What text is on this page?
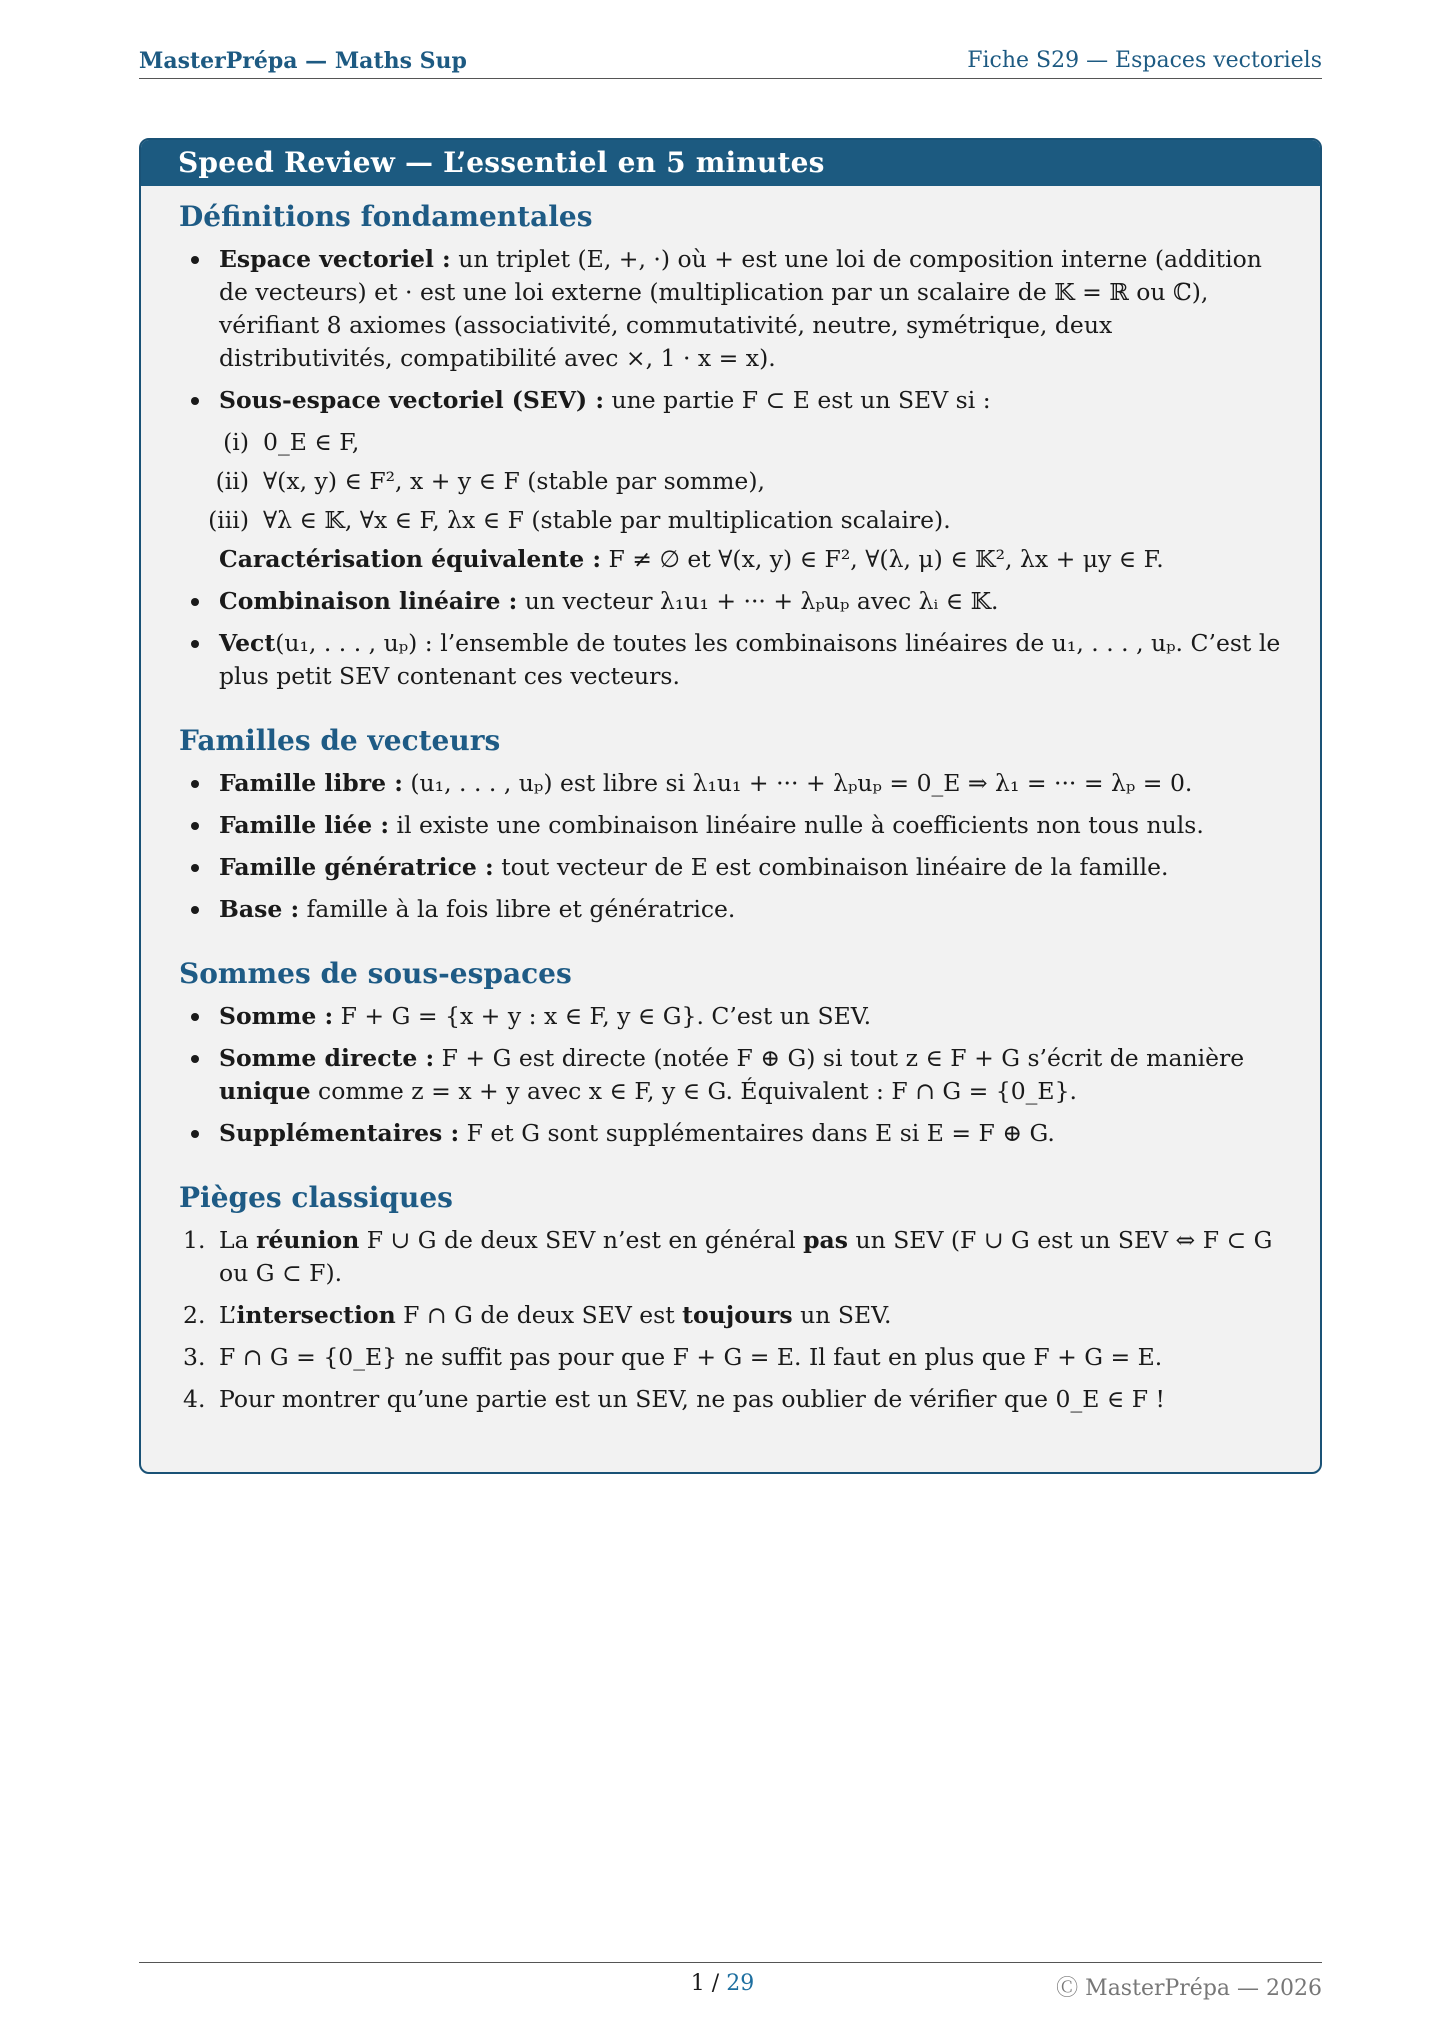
MasterPrépa — Maths Sup	Fiche S29 — Espaces vectoriels
Speed Review — L’essentiel en 5 minutes
Définitions fondamentales
Espace vectoriel : un triplet (E, +, ·) où + est une loi de composition interne (addition de vecteurs) et · est une loi externe (multiplication par un scalaire de 𝕂 = ℝ ou ℂ), vérifiant 8 axiomes (associativité, commutativité, neutre, symétrique, deux distributivités, compatibilité avec ×, 1 · x = x).
Sous-espace vectoriel (SEV) : une partie F ⊂ E est un SEV si :
(i) 0_E ∈ F,
(ii) ∀(x, y) ∈ F², x + y ∈ F (stable par somme),
(iii) ∀λ ∈ 𝕂, ∀x ∈ F, λx ∈ F (stable par multiplication scalaire).
Caractérisation équivalente : F ≠ ∅ et ∀(x, y) ∈ F², ∀(λ, μ) ∈ 𝕂², λx + μy ∈ F.
Combinaison linéaire : un vecteur λ₁u₁ + ··· + λₚuₚ avec λᵢ ∈ 𝕂.
Vect(u₁, . . . , uₚ) : l’ensemble de toutes les combinaisons linéaires de u₁, . . . , uₚ. C’est le plus petit SEV contenant ces vecteurs.
Familles de vecteurs
Famille libre : (u₁, . . . , uₚ) est libre si λ₁u₁ + ··· + λₚuₚ = 0_E ⇒ λ₁ = ··· = λₚ = 0.
Famille liée : il existe une combinaison linéaire nulle à coefficients non tous nuls.
Famille génératrice : tout vecteur de E est combinaison linéaire de la famille.
Base : famille à la fois libre et génératrice.
Sommes de sous-espaces
Somme : F + G = {x + y : x ∈ F, y ∈ G}. C’est un SEV.
Somme directe : F + G est directe (notée F ⊕ G) si tout z ∈ F + G s’écrit de manière unique comme z = x + y avec x ∈ F, y ∈ G. Équivalent : F ∩ G = {0_E}.
Supplémentaires : F et G sont supplémentaires dans E si E = F ⊕ G.
Pièges classiques
1. La réunion F ∪ G de deux SEV n’est en général pas un SEV (F ∪ G est un SEV ⇔ F ⊂ G ou G ⊂ F).
2. L’intersection F ∩ G de deux SEV est toujours un SEV.
3. F ∩ G = {0_E} ne suffit pas pour que F + G = E. Il faut en plus que F + G = E.
4. Pour montrer qu’une partie est un SEV, ne pas oublier de vérifier que 0_E ∈ F !
1 / 29	Ⓒ MasterPrépa — 2026
